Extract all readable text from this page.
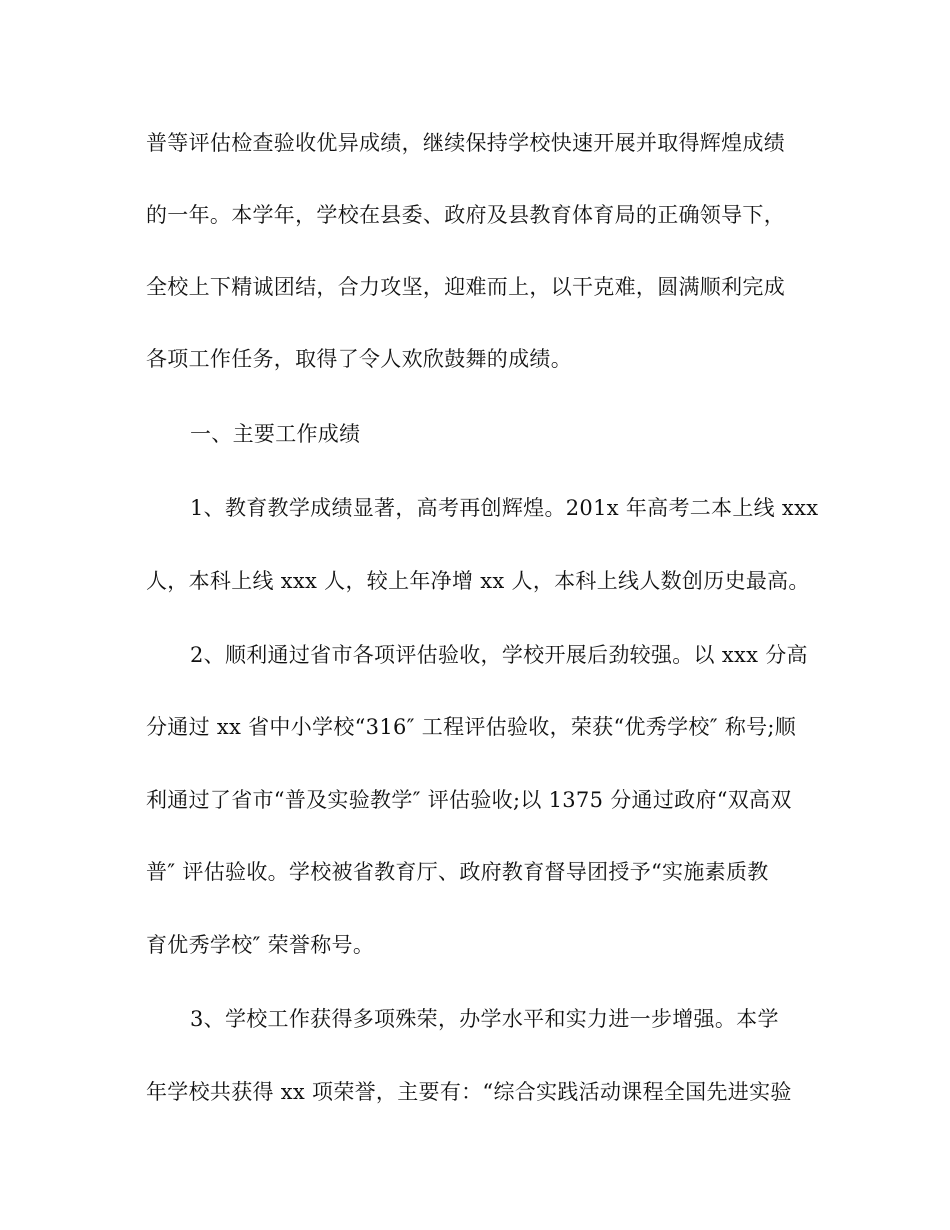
普等评估检查验收优异成绩，继续保持学校快速开展并取得辉煌成绩
的一年。本学年，学校在县委、政府及县教育体育局的正确领导下，
全校上下精诚团结，合力攻坚，迎难而上，以干克难，圆满顺利完成
各项工作任务，取得了令人欢欣鼓舞的成绩。
一、主要工作成绩
1、教育教学成绩显著，高考再创辉煌。201x 年高考二本上线 xxx
人，本科上线 xxx 人，较上年净增 xx 人，本科上线人数创历史最高。
2、顺利通过省市各项评估验收，学校开展后劲较强。以 xxx 分高
分通过 xx 省中小学校“316″ 工程评估验收，荣获“优秀学校″ 称号;顺
利通过了省市“普及实验教学″ 评估验收;以 1375 分通过政府“双高双
普″ 评估验收。学校被省教育厅、政府教育督导团授予“实施素质教
育优秀学校″ 荣誉称号。
3、学校工作获得多项殊荣，办学水平和实力进一步增强。本学
年学校共获得 xx 项荣誉，主要有：“综合实践活动课程全国先进实验
